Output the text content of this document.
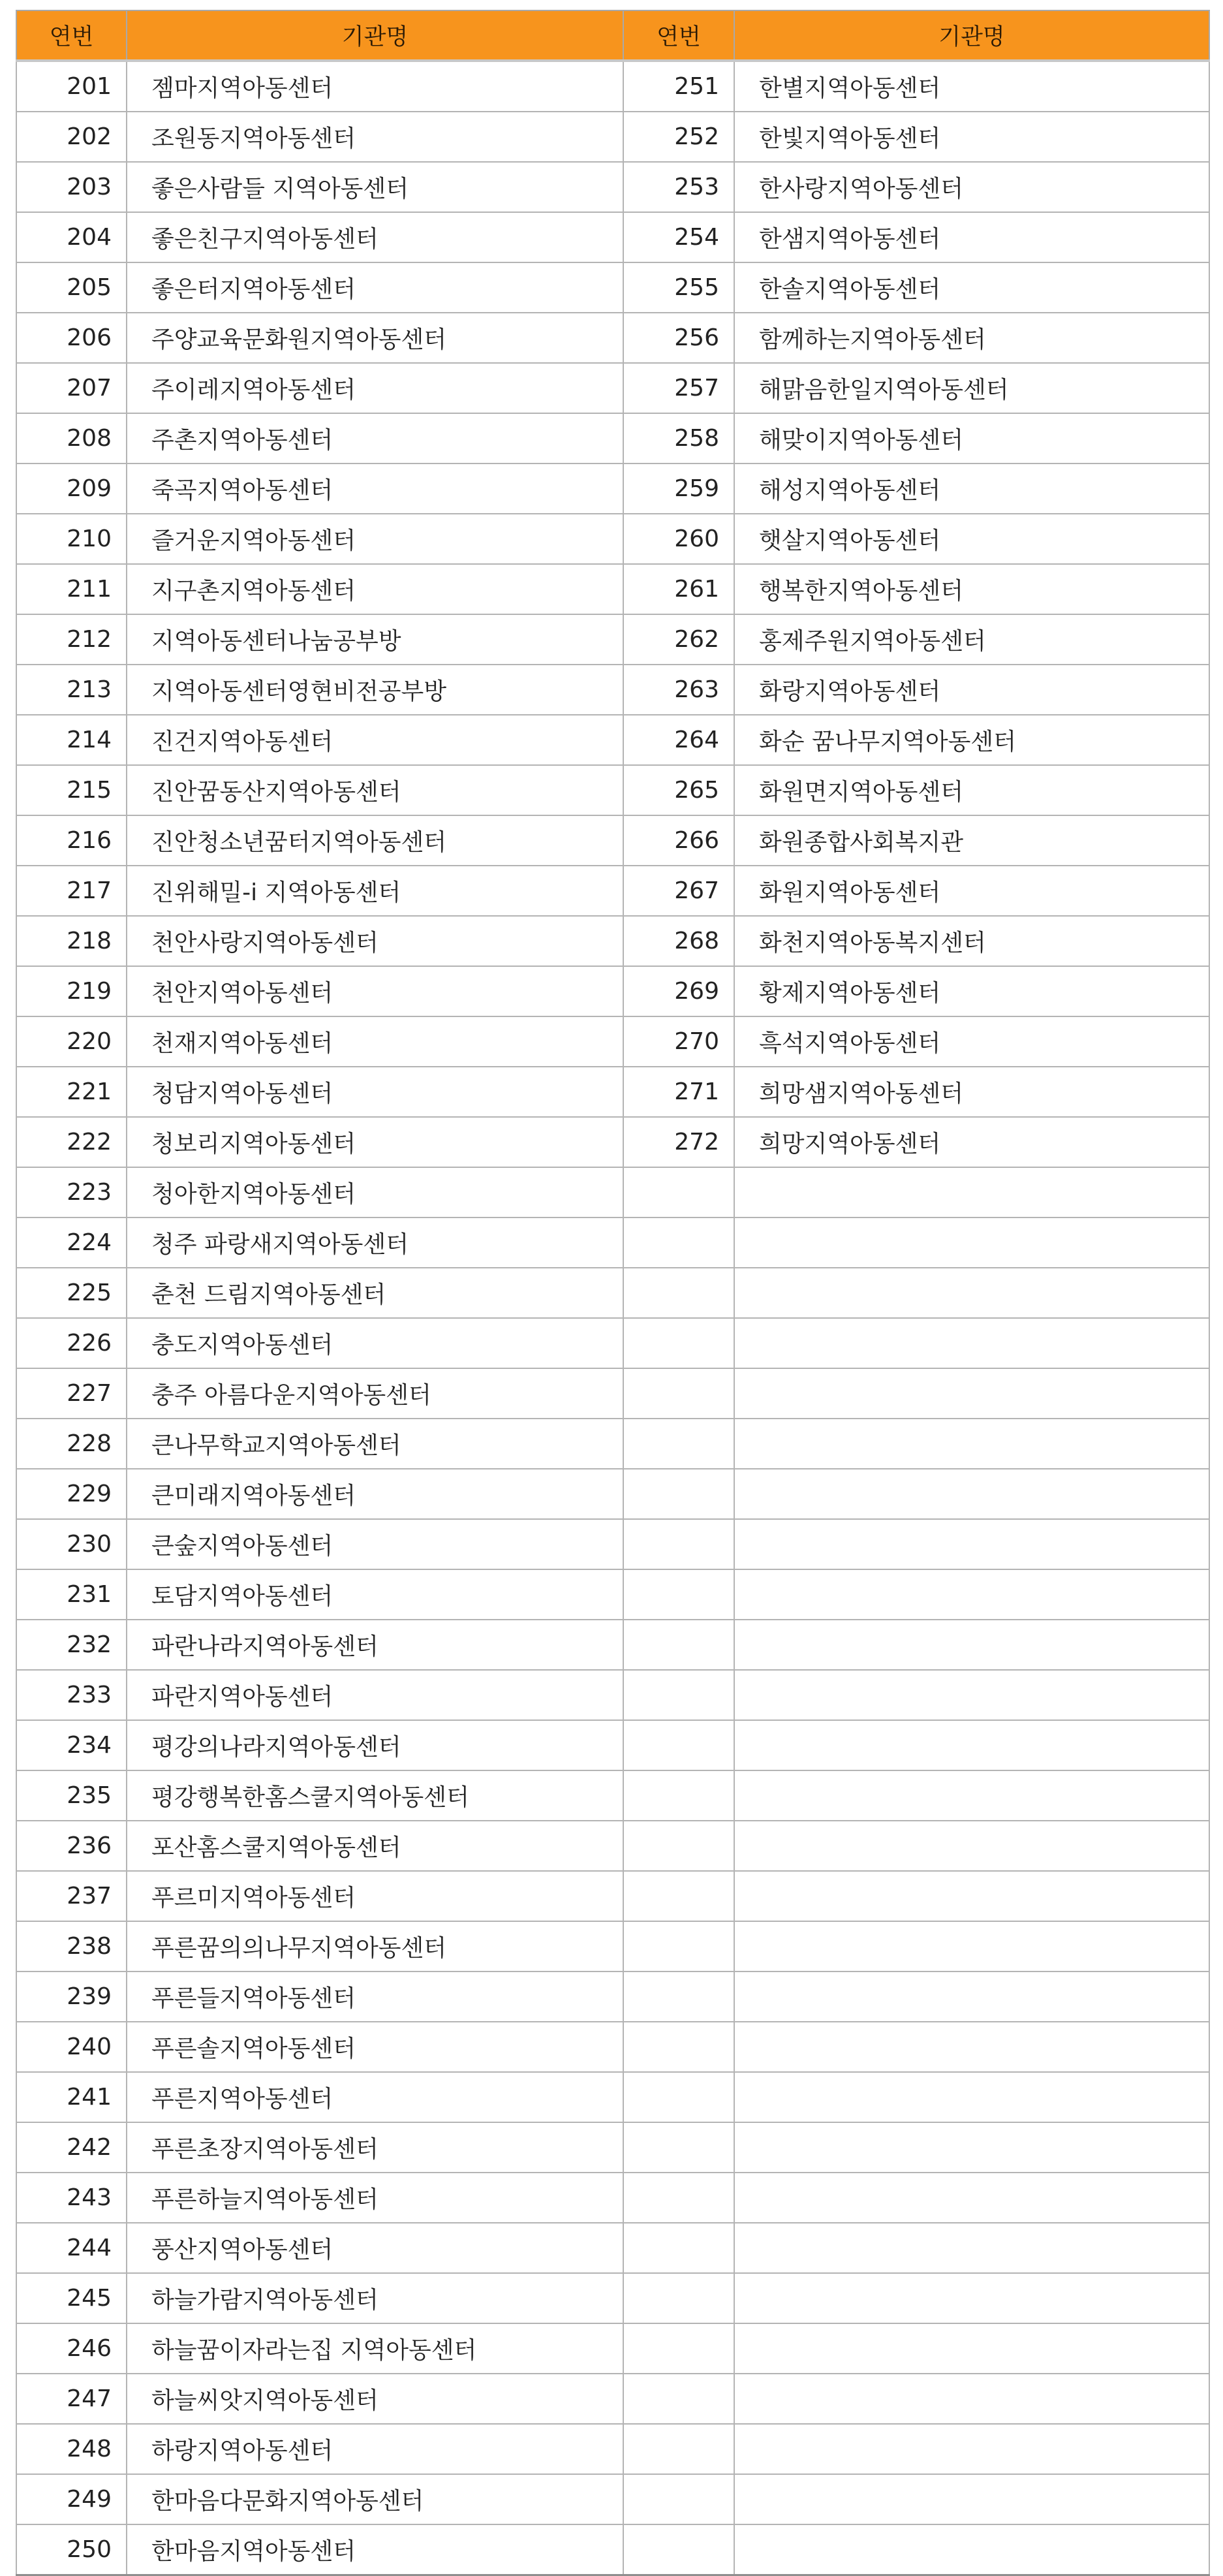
연번	기관명	연번	기관명
201	젬마지역아동센터	251	한별지역아동센터
202	조원동지역아동센터	252	한빛지역아동센터
203	좋은사람들 지역아동센터	253	한사랑지역아동센터
204	좋은친구지역아동센터	254	한샘지역아동센터
205	좋은터지역아동센터	255	한솔지역아동센터
206	주양교육문화원지역아동센터	256	함께하는지역아동센터
207	주이레지역아동센터	257	해맑음한일지역아동센터
208	주촌지역아동센터	258	해맞이지역아동센터
209	죽곡지역아동센터	259	해성지역아동센터
210	즐거운지역아동센터	260	햇살지역아동센터
211	지구촌지역아동센터	261	행복한지역아동센터
212	지역아동센터나눔공부방	262	홍제주원지역아동센터
213	지역아동센터영현비전공부방	263	화랑지역아동센터
214	진건지역아동센터	264	화순 꿈나무지역아동센터
215	진안꿈동산지역아동센터	265	화원면지역아동센터
216	진안청소년꿈터지역아동센터	266	화원종합사회복지관
217	진위해밀-i 지역아동센터	267	화원지역아동센터
218	천안사랑지역아동센터	268	화천지역아동복지센터
219	천안지역아동센터	269	황제지역아동센터
220	천재지역아동센터	270	흑석지역아동센터
221	청담지역아동센터	271	희망샘지역아동센터
222	청보리지역아동센터	272	희망지역아동센터
223	청아한지역아동센터		
224	청주 파랑새지역아동센터		
225	춘천 드림지역아동센터		
226	충도지역아동센터		
227	충주 아름다운지역아동센터		
228	큰나무학교지역아동센터		
229	큰미래지역아동센터		
230	큰숲지역아동센터		
231	토담지역아동센터		
232	파란나라지역아동센터		
233	파란지역아동센터		
234	평강의나라지역아동센터		
235	평강행복한홈스쿨지역아동센터		
236	포산홈스쿨지역아동센터		
237	푸르미지역아동센터		
238	푸른꿈의의나무지역아동센터		
239	푸른들지역아동센터		
240	푸른솔지역아동센터		
241	푸른지역아동센터		
242	푸른초장지역아동센터		
243	푸른하늘지역아동센터		
244	풍산지역아동센터		
245	하늘가람지역아동센터		
246	하늘꿈이자라는집 지역아동센터		
247	하늘씨앗지역아동센터		
248	하랑지역아동센터		
249	한마음다문화지역아동센터		
250	한마음지역아동센터		
